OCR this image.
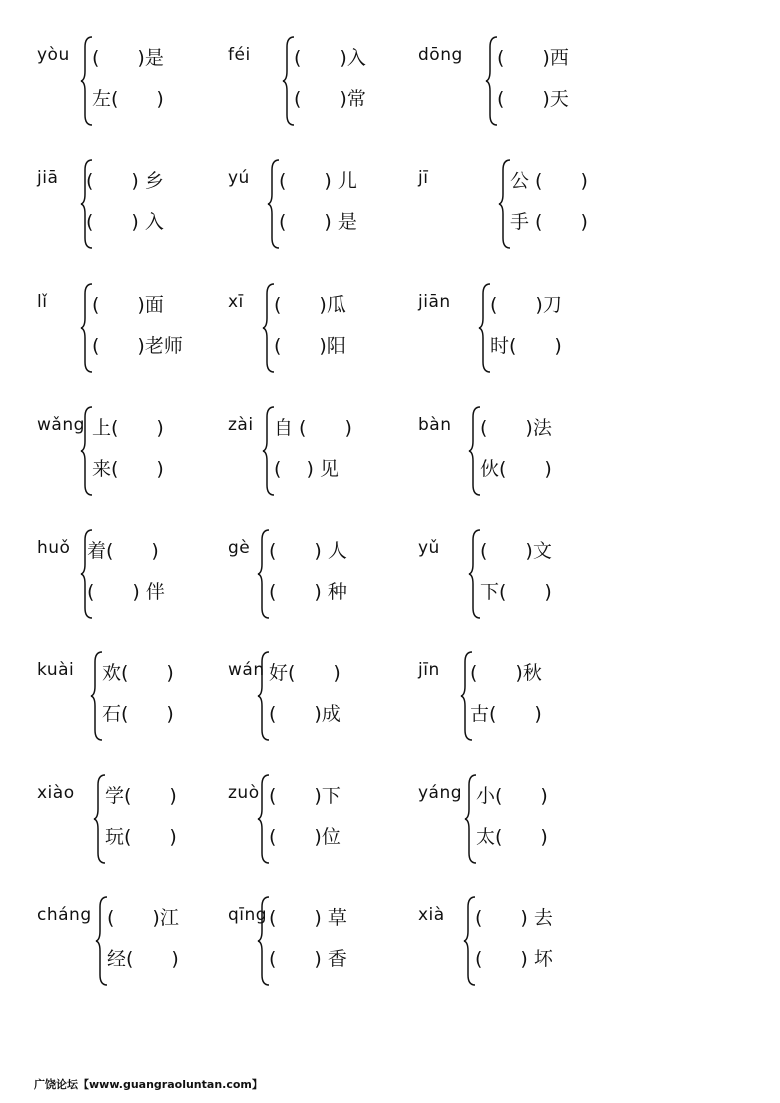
yòu (　　)是
左(　　)
féi (　　)入
(　　)常
dōng (　　)西
(　　)天
jiā (　　) 乡
(　　) 入
yú (　　) 儿
(　　) 是
jī	公 (　　)
手 (　　)
lǐ (　　)面
(　　)老师
xī (　　)瓜
(　　)阳
jiān (　　)刀
时(　　)
wǎng 上(　　)
来(　　)
zài 自 (　　)
(　 ) 见
bàn (　　)法
伙(　　)
huǒ 着(　　)
(　　) 伴
gè (　　) 人
(　　) 种
yǔ (　　)文
下(　　)
kuài 欢(　　)
石(　　)
wán 好(　　)
(　　)成
jīn (　　)秋
古(　　)
xiào 学(　　)
玩(　　)
zuò (　　)下
(　　)位
yáng 小(　　)
太(　　)
cháng (　　)江
经(　　)
qīng (　　) 草
(　　) 香
xià (　　) 去
(　　) 坏
广饶论坛【www.guangraoluntan.com】
